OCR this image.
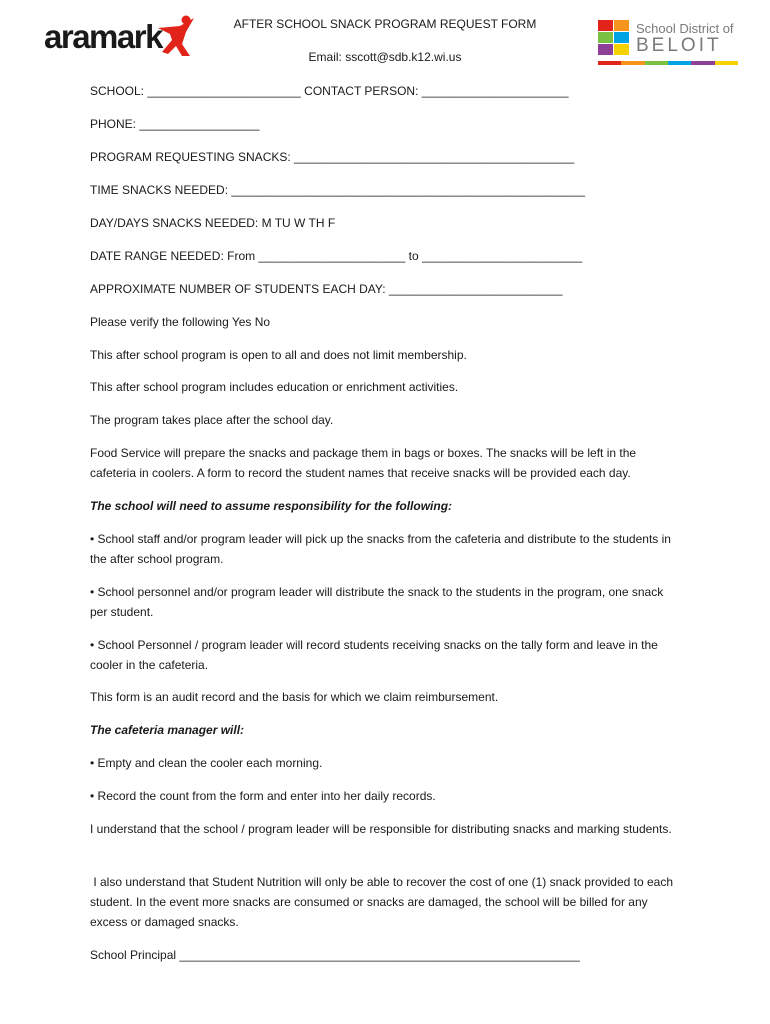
aramark	AFTER SCHOOL SNACK PROGRAM REQUEST FORM
Email: sscott@sdb.k12.wi.us
School District of
BELOIT
SCHOOL: _______________________ CONTACT PERSON: ______________________
PHONE: __________________
PROGRAM REQUESTING SNACKS: __________________________________________
TIME SNACKS NEEDED: _____________________________________________________
DAY/DAYS SNACKS NEEDED: M TU W TH F
DATE RANGE NEEDED: From ______________________ to ________________________
APPROXIMATE NUMBER OF STUDENTS EACH DAY: __________________________
Please verify the following Yes No
This after school program is open to all and does not limit membership.
This after school program includes education or enrichment activities.
The program takes place after the school day.
Food Service will prepare the snacks and package them in bags or boxes. The snacks will be left in the cafeteria in coolers. A form to record the student names that receive snacks will be provided each day.
The school will need to assume responsibility for the following:
• School staff and/or program leader will pick up the snacks from the cafeteria and distribute to the students in the after school program.
• School personnel and/or program leader will distribute the snack to the students in the program, one snack per student.
• School Personnel / program leader will record students receiving snacks on the tally form and leave in the cooler in the cafeteria.
This form is an audit record and the basis for which we claim reimbursement.
The cafeteria manager will:
• Empty and clean the cooler each morning.
• Record the count from the form and enter into her daily records.
I understand that the school / program leader will be responsible for distributing snacks and marking students.
I also understand that Student Nutrition will only be able to recover the cost of one (1) snack provided to each student. In the event more snacks are consumed or snacks are damaged, the school will be billed for any excess or damaged snacks.
School Principal ____________________________________________________________
